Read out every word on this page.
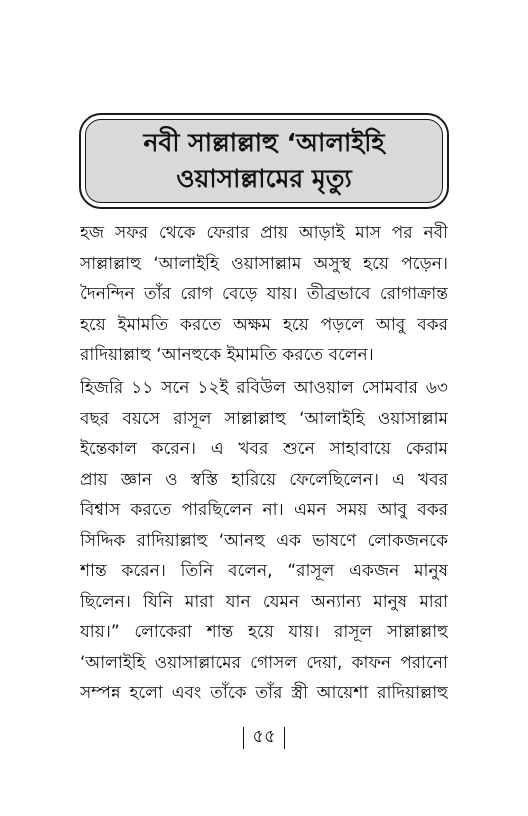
নবী সাল্লাল্লাহু ‘আলাইহি
ওয়াসাল্লামের মৃত্যু
হজ সফর থেকে ফেরার প্রায় আড়াই মাস পর নবী
সাল্লাল্লাহু ‘আলাইহি ওয়াসাল্লাম অসুস্থ হয়ে পড়েন।
দৈনন্দিন তাঁর রোগ বেড়ে যায়। তীব্রভাবে রোগাক্রান্ত
হয়ে ইমামতি করতে অক্ষম হয়ে পড়লে আবু বকর
রাদিয়াল্লাহু ‘আনহুকে ইমামতি করতে বলেন।
হিজরি ১১ সনে ১২ই রবিউল আওয়াল সোমবার ৬৩
বছর বয়সে রাসূল সাল্লাল্লাহু ‘আলাইহি ওয়াসাল্লাম
ইন্তেকাল করেন। এ খবর শুনে সাহাবায়ে কেরাম
প্রায় জ্ঞান ও স্বস্তি হারিয়ে ফেলেছিলেন। এ খবর
বিশ্বাস করতে পারছিলেন না। এমন সময় আবু বকর
সিদ্দিক রাদিয়াল্লাহু ‘আনহু এক ভাষণে লোকজনকে
শান্ত করেন। তিনি বলেন, “রাসূল একজন মানুষ
ছিলেন। যিনি মারা যান যেমন অন্যান্য মানুষ মারা
যায়।” লোকেরা শান্ত হয়ে যায়। রাসূল সাল্লাল্লাহু
‘আলাইহি ওয়াসাল্লামের গোসল দেয়া, কাফন পরানো
সম্পন্ন হলো এবং তাঁকে তাঁর স্ত্রী আয়েশা রাদিয়াল্লাহু
৫৫
